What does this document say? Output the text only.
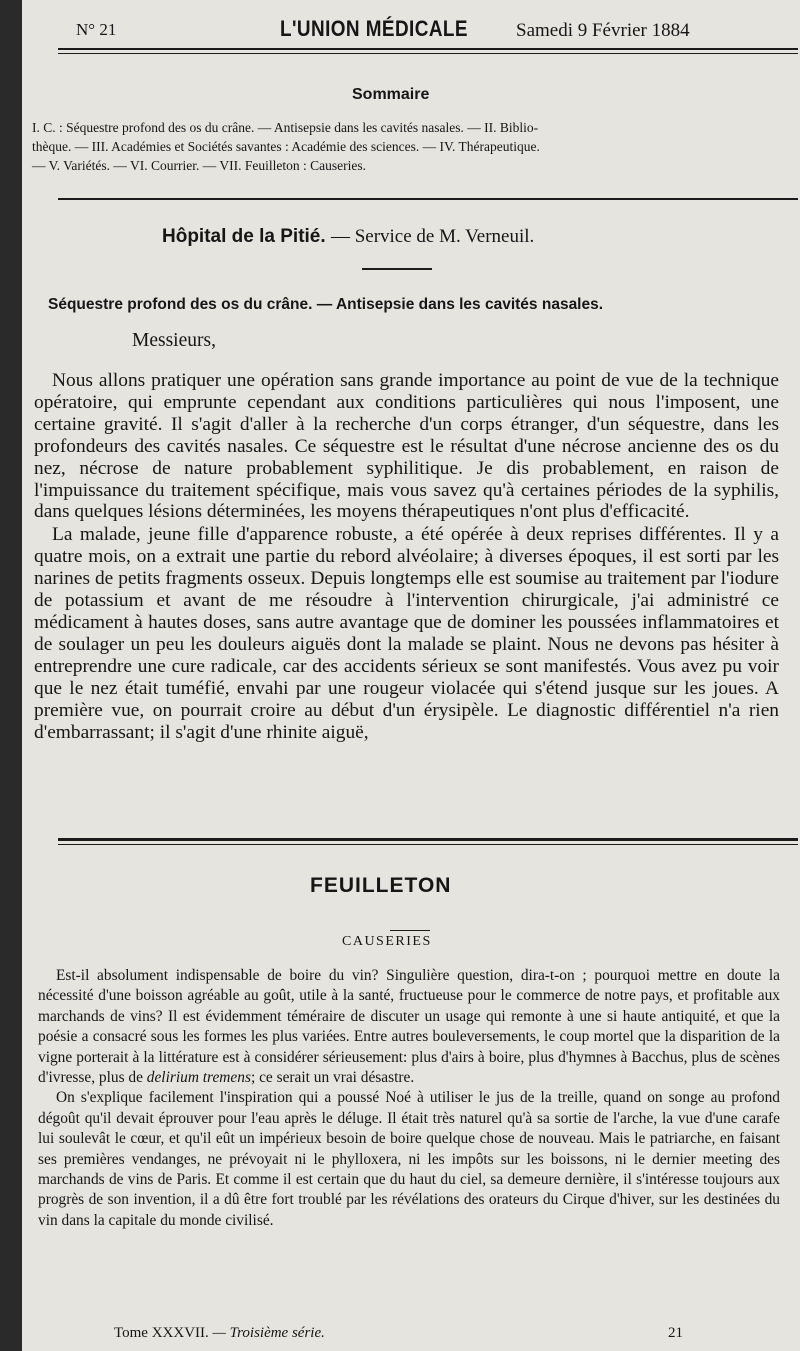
N° 21	L'UNION MÉDICALE	Samedi 9 Février 1884
Sommaire

I. C. : Séquestre profond des os du crâne. — Antisepsie dans les cavités nasales. — II. Biblio-

thèque. — III. Académies et Sociétés savantes : Académie des sciences. — IV. Thérapeutique.

— V. Variétés. — VI. Courrier. — VII. Feuilleton : Causeries.

Hôpital de la Pitié. — Service de M. Verneuil.
Séquestre profond des os du crâne. — Antisepsie dans les cavités nasales.
Messieurs,

Nous allons pratiquer une opération sans grande importance au point de vue de la technique opératoire, qui emprunte cependant aux conditions particulières qui nous l'imposent, une certaine gravité. Il s'agit d'aller à la recherche d'un corps étranger, d'un séquestre, dans les profondeurs des cavités nasales. Ce séquestre est le résultat d'une nécrose ancienne des os du nez, nécrose de nature probablement syphilitique. Je dis probablement, en raison de l'impuissance du traitement spécifique, mais vous savez qu'à certaines périodes de la syphilis, dans quelques lésions déterminées, les moyens thérapeutiques n'ont plus d'efficacité.

La malade, jeune fille d'apparence robuste, a été opérée à deux reprises différentes. Il y a quatre mois, on a extrait une partie du rebord alvéolaire; à diverses époques, il est sorti par les narines de petits fragments osseux. Depuis longtemps elle est soumise au traitement par l'iodure de potassium et avant de me résoudre à l'intervention chirurgicale, j'ai administré ce médicament à hautes doses, sans autre avantage que de dominer les poussées inflammatoires et de soulager un peu les douleurs aiguës dont la malade se plaint. Nous ne devons pas hésiter à entreprendre une cure radicale, car des accidents sérieux se sont manifestés. Vous avez pu voir que le nez était tuméfié, envahi par une rougeur violacée qui s'étend jusque sur les joues. A première vue, on pourrait croire au début d'un érysipèle. Le diagnostic différentiel n'a rien d'embarrassant; il s'agit d'une rhinite aiguë,

FEUILLETON
CAUSERIES

Est-il absolument indispensable de boire du vin? Singulière question, dira-t-on ; pourquoi mettre en doute la nécessité d'une boisson agréable au goût, utile à la santé, fructueuse pour le commerce de notre pays, et profitable aux marchands de vins? Il est évidemment téméraire de discuter un usage qui remonte à une si haute antiquité, et que la poésie a consacré sous les formes les plus variées. Entre autres bouleversements, le coup mortel que la disparition de la vigne porterait à la littérature est à considérer sérieusement: plus d'airs à boire, plus d'hymnes à Bacchus, plus de scènes d'ivresse, plus de delirium tremens; ce serait un vrai désastre.

On s'explique facilement l'inspiration qui a poussé Noé à utiliser le jus de la treille, quand on songe au profond dégoût qu'il devait éprouver pour l'eau après le déluge. Il était très naturel qu'à sa sortie de l'arche, la vue d'une carafe lui soulevât le cœur, et qu'il eût un impérieux besoin de boire quelque chose de nouveau. Mais le patriarche, en faisant ses premières vendanges, ne prévoyait ni le phylloxera, ni les impôts sur les boissons, ni le dernier meeting des marchands de vins de Paris. Et comme il est certain que du haut du ciel, sa demeure dernière, il s'intéresse toujours aux progrès de son invention, il a dû être fort troublé par les révélations des orateurs du Cirque d'hiver, sur les destinées du vin dans la capitale du monde civilisé.

Tome XXXVII. — Troisième série.	21
